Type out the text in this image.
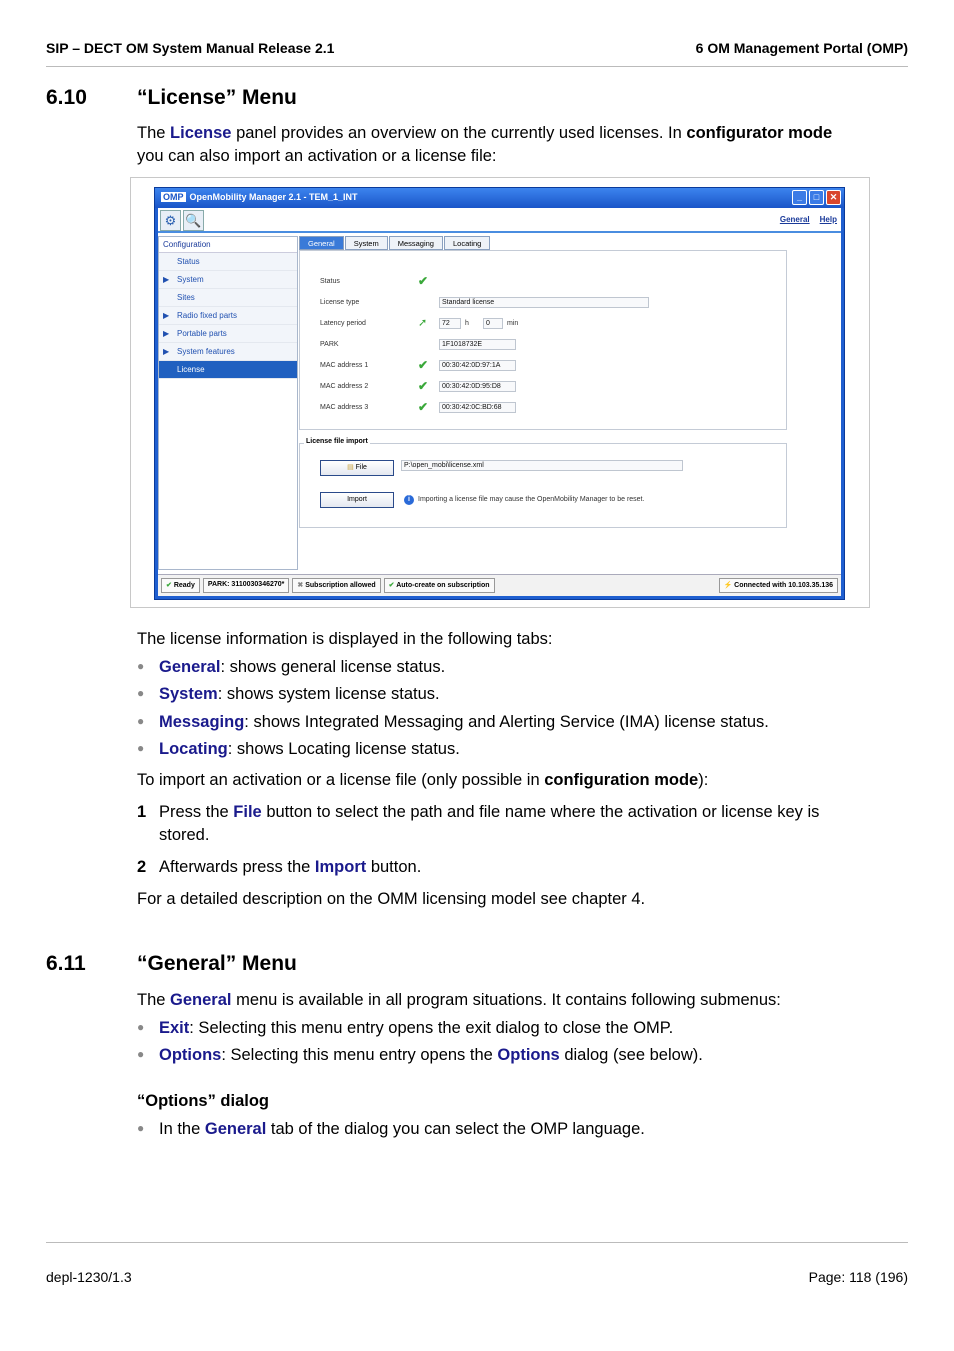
SIP – DECT OM System Manual Release 2.1	6 OM Management Portal (OMP)
6.10 “License” Menu
The License panel provides an overview on the currently used licenses. In configurator mode you can also import an activation or a license file:
OMP OpenMobility Manager 2.1 - TEM_1_INT	_	□	✕
⚙ 🔍	General Help
Configuration
Status
▶ System
Sites
▶ Radio fixed parts
▶ Portable parts
▶ System features
License
General	System	Messaging	Locating
Status	✔
License type	Standard license
Latency period	➚	72	h	0	min
PARK	1F1018732E
MAC address 1	✔	00:30:42:0D:97:1A
MAC address 2	✔	00:30:42:0D:95:D8
MAC address 3	✔	00:30:42:0C:BD:68
License file import
▤ File	P:\open_mobi\license.xml
Import	i	Importing a license file may cause the OpenMobility Manager to be reset.
✔ Ready	PARK: 3110030346270*	✖ Subscription allowed	✔ Auto-create on subscription	⚡ Connected with 10.103.35.136
The license information is displayed in the following tabs:
● General: shows general license status.
● System: shows system license status.
● Messaging: shows Integrated Messaging and Alerting Service (IMA) license status.
● Locating: shows Locating license status.
To import an activation or a license file (only possible in configuration mode):
1 Press the File button to select the path and file name where the activation or license key is stored.
2 Afterwards press the Import button.
For a detailed description on the OMM licensing model see chapter 4.
6.11 “General” Menu
The General menu is available in all program situations. It contains following submenus:
● Exit: Selecting this menu entry opens the exit dialog to close the OMP.
● Options: Selecting this menu entry opens the Options dialog (see below).
“Options” dialog
● In the General tab of the dialog you can select the OMP language.
depl-1230/1.3	Page: 118 (196)
